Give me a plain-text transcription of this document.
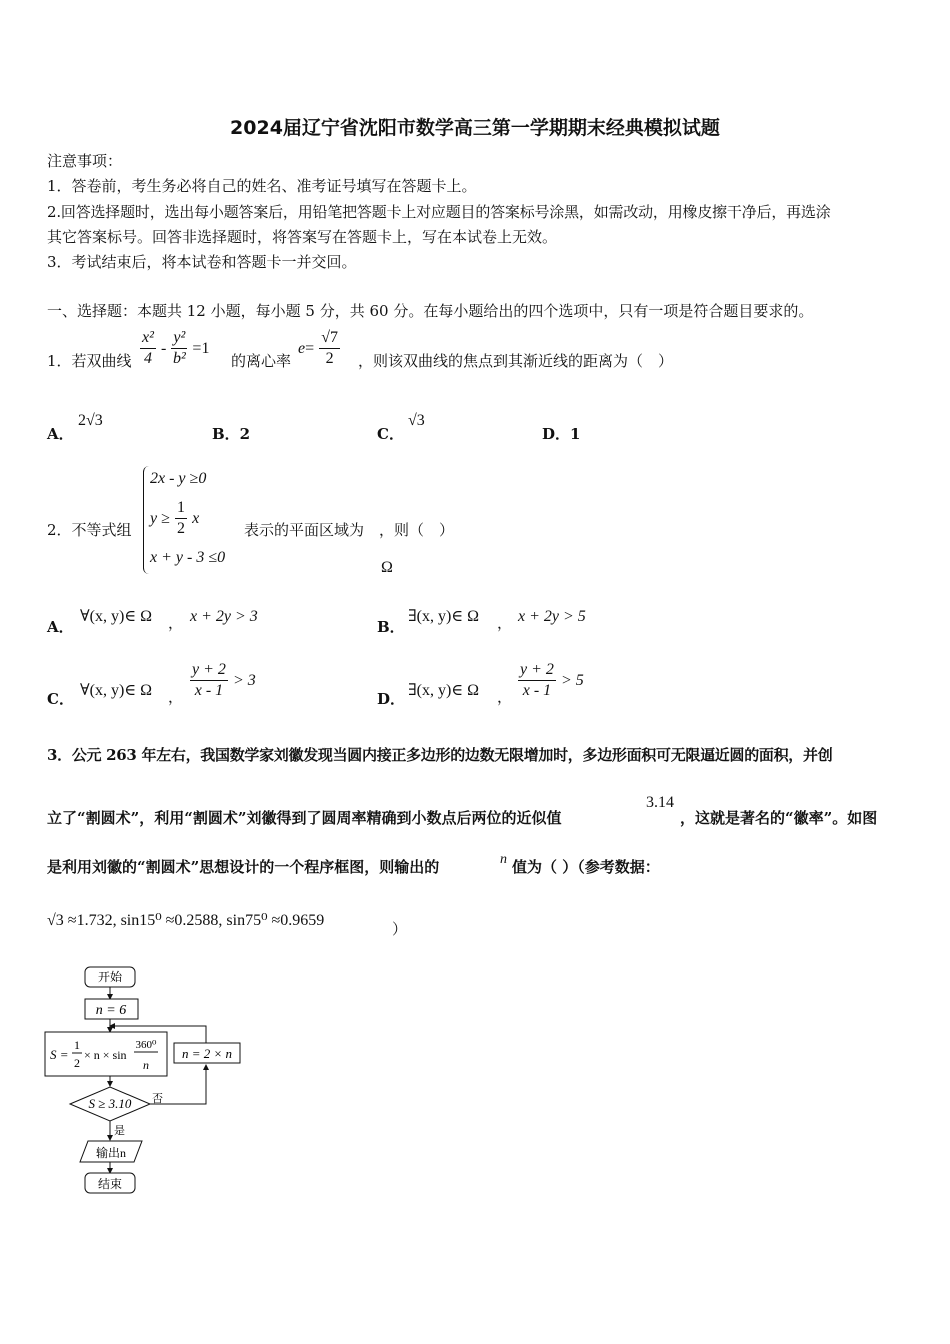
2024届辽宁省沈阳市数学高三第一学期期末经典模拟试题
注意事项：
1．答卷前，考生务必将自己的姓名、准考证号填写在答题卡上。
2.回答选择题时，选出每小题答案后，用铅笔把答题卡上对应题目的答案标号涂黑，如需改动，用橡皮擦干净后，再选涂
其它答案标号。回答非选择题时，将答案写在答题卡上，写在本试卷上无效。
3．考试结束后，将本试卷和答题卡一并交回。
一、选择题：本题共 12 小题，每小题 5 分，共 60 分。在每小题给出的四个选项中，只有一项是符合题目要求的。
1．若双曲线 $\frac{\text{x²}}{4} - \frac{\text{y²}}{\text{b²}} =1$
的离心率
$e= \frac{√7}{2}$ ，则该双曲线的焦点到其渐近线的距离为（　）
A．
2√3
B．2	C．
√3
D．1
2．不等式组
2x - y ≥0
$y \ge \frac{1}{2}$ x
x + y - 3 ≤0
表示的平面区域为　，则（　）
Ω
A．
∀(x, y)∈ Ω ， x + 2y > 3
B．
∃(x, y)∈ Ω ， x + 2y > 5
C． ∀(x, y)∈ Ω ， $\frac{y + 2}{x - 1} > 3$
D． ∃(x, y)∈ Ω ， $\frac{y + 2}{x - 1} > 5$
3．公元 263 年左右，我国数学家刘徽发现当圆内接正多边形的边数无限增加时，多边形面积可无限逼近圆的面积，并创
立了“割圆术”，利用“割圆术”刘徽得到了圆周率精确到小数点后两位的近似值
3.14
，这就是著名的“徽率”。如图
是利用刘徽的“割圆术”思想设计的一个程序框图，则输出的	n 值为（ ）（参考数据：
√3 ≈1.732, sin15⁰ ≈0.2588, sin75⁰ ≈0.9659	）
开始
n = 6
S =
1
2
× n × sin
360⁰
n
S ≥ 3.10 否
n = 2 × n
是
输出n
结束
